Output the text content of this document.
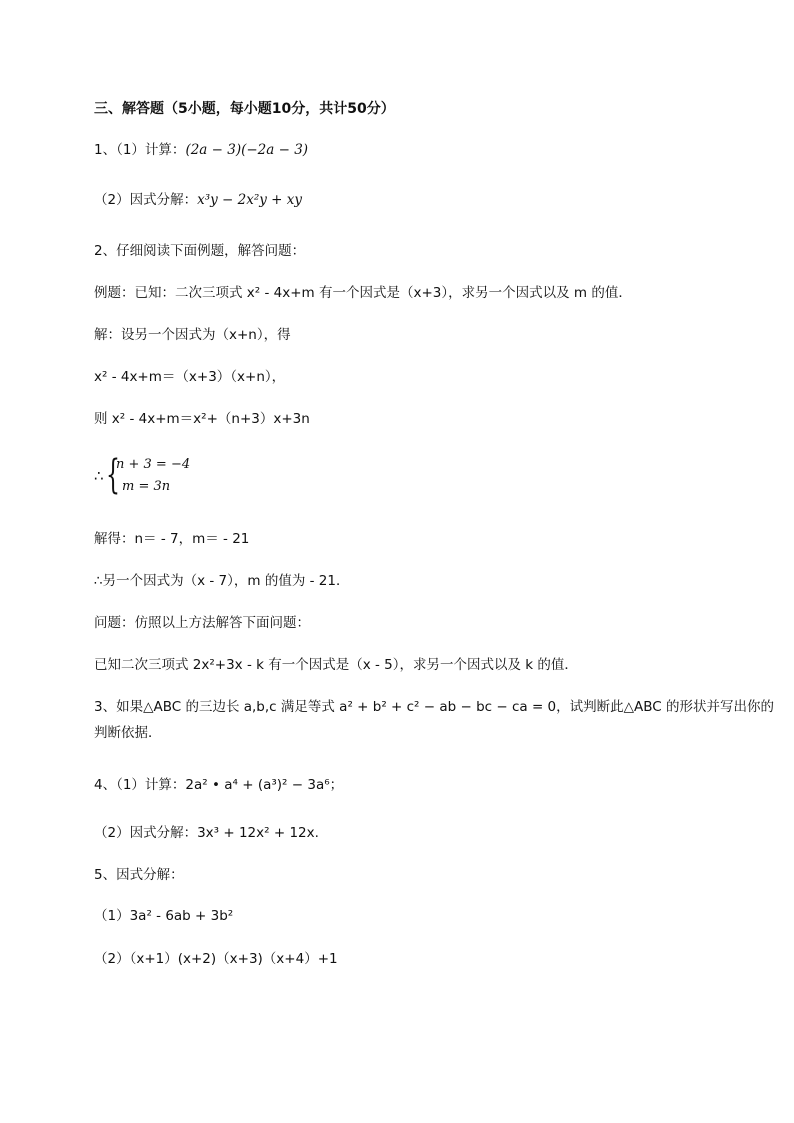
三、解答题（5小题，每小题10分，共计50分）
1、（1）计算：(2a − 3)(−2a − 3)
（2）因式分解：x³y − 2x²y + xy
2、仔细阅读下面例题，解答问题：
例题：已知：二次三项式 x² - 4x+m 有一个因式是（x+3），求另一个因式以及 m 的值．
解：设另一个因式为（x+n），得
x² - 4x+m＝（x+3）（x+n），
则 x² - 4x+m＝x²+（n+3）x+3n
∴ {
n + 3 = −4
m = 3n
解得：n＝ - 7，m＝ - 21
∴另一个因式为（x - 7），m 的值为 - 21．
问题：仿照以上方法解答下面问题：
已知二次三项式 2x²+3x - k 有一个因式是（x - 5），求另一个因式以及 k 的值．
3、如果△ABC 的三边长 a,b,c 满足等式 a² + b² + c² − ab − bc − ca = 0，试判断此△ABC 的形状并写出你的
判断依据．
4、（1）计算：2a² • a⁴ + (a³)² − 3a⁶；
（2）因式分解：3x³ + 12x² + 12x.
5、因式分解：
（1）3a² - 6ab + 3b²
（2）（x+1）(x+2)（x+3)（x+4）+1
